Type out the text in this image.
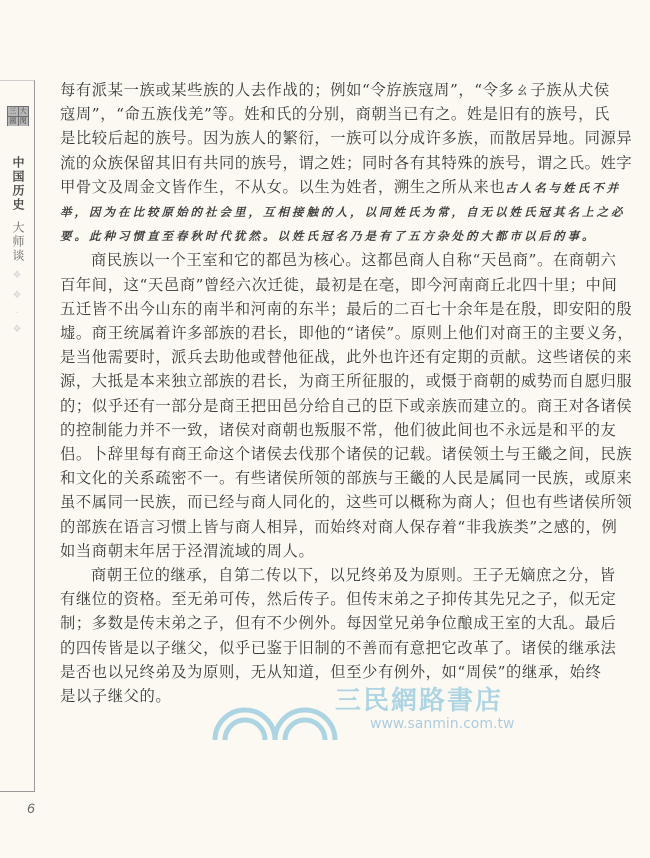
三 大
國 閔
中国历史
大师谈
❖
❖
·
❖
每有派某一族或某些族的人去作战的；例如“令斿族寇周”，“令多ㄠ子族从犬侯
寇周”，“命五族伐羌”等。姓和氏的分别，商朝当已有之。姓是旧有的族号，氏
是比较后起的族号。因为族人的繁衍，一族可以分成许多族，而散居异地。同源异
流的众族保留其旧有共同的族号，谓之姓；同时各有其特殊的族号，谓之氏。姓字
甲骨文及周金文皆作生，不从女。以生为姓者，溯生之所从来也古人名与姓氏不并
举，因为在比较原始的社会里，互相接触的人，以同姓氏为常，自无以姓氏冠其名上之必
要。此种习惯直至春秋时代犹然。以姓氏冠名乃是有了五方杂处的大都市以后的事。
商民族以一个王室和它的都邑为核心。这都邑商人自称“天邑商”。在商朝六
百年间，这“天邑商”曾经六次迁徙，最初是在亳，即今河南商丘北四十里；中间
五迁皆不出今山东的南半和河南的东半；最后的二百七十余年是在殷，即安阳的殷
墟。商王统属着许多部族的君长，即他的“诸侯”。原则上他们对商王的主要义务，
是当他需要时，派兵去助他或替他征战，此外也许还有定期的贡献。这些诸侯的来
源，大抵是本来独立部族的君长，为商王所征服的，或慑于商朝的威势而自愿归服
的；似乎还有一部分是商王把田邑分给自己的臣下或亲族而建立的。商王对各诸侯
的控制能力并不一致，诸侯对商朝也叛服不常，他们彼此间也不永远是和平的友
侣。卜辞里每有商王命这个诸侯去伐那个诸侯的记载。诸侯领土与王畿之间，民族
和文化的关系疏密不一。有些诸侯所领的部族与王畿的人民是属同一民族，或原来
虽不属同一民族，而已经与商人同化的，这些可以概称为商人；但也有些诸侯所领
的部族在语言习惯上皆与商人相异，而始终对商人保存着“非我族类”之感的，例
如当商朝末年居于泾渭流域的周人。
商朝王位的继承，自第二传以下，以兄终弟及为原则。王子无嫡庶之分，皆
有继位的资格。至无弟可传，然后传子。但传末弟之子抑传其先兄之子，似无定
制；多数是传末弟之子，但有不少例外。每因堂兄弟争位酿成王室的大乱。最后
的四传皆是以子继父，似乎已鉴于旧制的不善而有意把它改革了。诸侯的继承法
是否也以兄终弟及为原则，无从知道，但至少有例外，如“周侯”的继承，始终
是以子继父的。	三民網路書店
www.sanmin.com.tw
6
